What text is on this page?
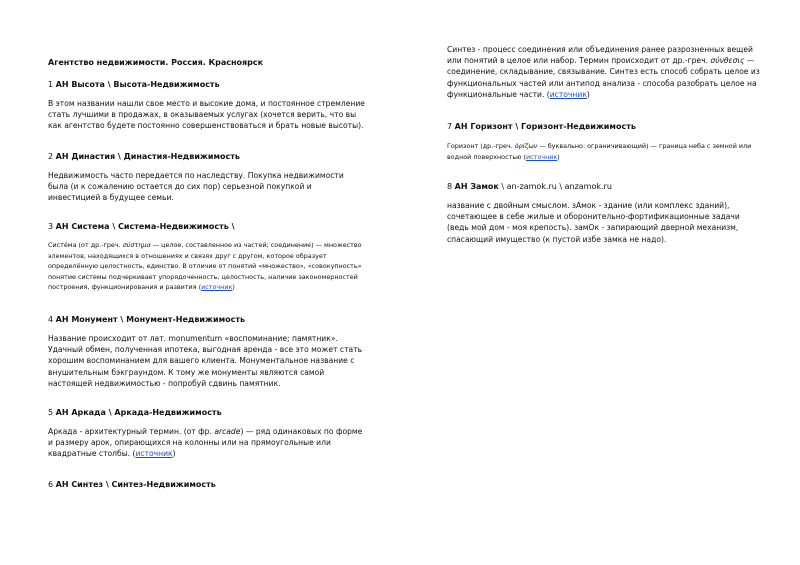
Агентство недвижимости. Россия. Красноярск
1 АН Высота \ Высота-Недвижимость

В этом названии нашли свое место и высокие дома, и постоянное стремление стать лучшими в продажах, в оказываемых услугах (хочется верить, что вы как агентство будете постоянно совершенствоваться и брать новые высоты).

2 АН Династия \ Династия-Недвижимость

Недвижимость часто передается по наследству. Покупка недвижимости была (и к сожалению остается до сих пор) серьезной покупкой и инвестицией в будущее семьи.

3 АН Система \ Система-Недвижимость \

Систе́ма (от др.-греч. σύστημα — целое, составленное из частей; соединение) — множество элементов, находящихся в отношениях и связях друг с другом, которое образует определённую целостность, единство. В отличие от понятий «множество», «совокупность» понятие системы подчеркивает упорядоченность, целостность, наличие закономерностей построения, функционирования и развития (источник)

4 АН Монумент \ Монумент-Недвижимость

Название происходит от лат. monumentum «воспоминание; памятник». Удачный обмен, полученная ипотека, выгодная аренда - все это может стать хорошим воспоминанием для вашего клиента. Монументальное название с внушительным бэкграундом. К тому же монументы являются самой настоящей недвижимостью - попробуй сдвинь памятник.

5 АН Аркада \ Аркада-Недвижимость

Аркада - архитектурный термин. (от фр. arcade) — ряд одинаковых по форме и размеру арок, опирающихся на колонны или на прямоугольные или квадратные столбы. (источник)

6 АН Синтез \ Синтез-Недвижимость

Синтез - процесс соединения или объединения ранее разрозненных вещей или понятий в целое или набор. Термин происходит от др.-греч. σύνθεσις — соединение, складывание, связывание. Синтез есть способ собрать целое из функциональных частей или антипод анализа - способа разобрать целое на функциональные части. (источник)

7 АН Горизонт \ Горизонт-Недвижимость

Горизонт (др.-греч. ὁρίζων — буквально: ограничивающий) — граница неба с земной или водной поверхностью (источник)

8 АН Замок \ an-zamok.ru \ anzamok.ru

название с двойным смыслом. зАмок - здание (или комплекс зданий), сочетающее в себе жилые и оборонительно-фортификационные задачи (ведь мой дом - моя крепость). замОк - запирающий дверной механизм, спасающий имущество (к пустой избе замка не надо).
